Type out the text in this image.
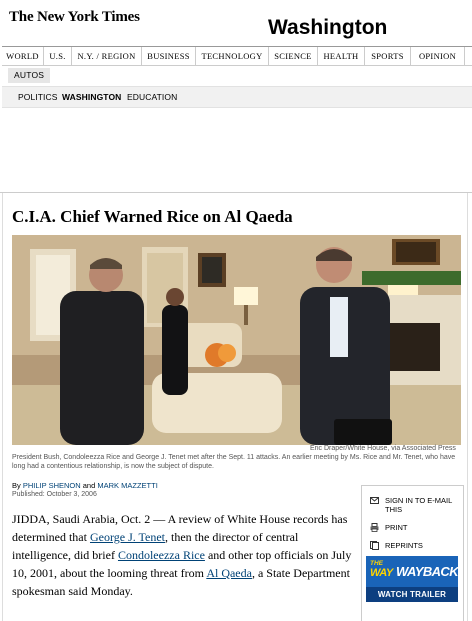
The New York Times	Washington
WORLD	U.S.	N.Y. / REGION	BUSINESS	TECHNOLOGY	SCIENCE	HEALTH	SPORTS	OPINION
AUTOS
POLITICS WASHINGTON EDUCATION
C.I.A. Chief Warned Rice on Al Qaeda
Eric Draper/White House, via Associated Press
President Bush, Condoleezza Rice and George J. Tenet met after the Sept. 11 attacks. An earlier meeting by Ms. Rice and Mr. Tenet, who have long had a contentious relationship, is now the subject of dispute.
By PHILIP SHENON and MARK MAZZETTI
Published: October 3, 2006
JIDDA, Saudi Arabia, Oct. 2 — A review of White House records has determined that George J. Tenet, then the director of central intelligence, did brief Condoleezza Rice and other top officials on July 10, 2001, about the looming threat from Al Qaeda, a State Department spokesman said Monday.
SIGN IN TO E-MAIL THIS
PRINT
REPRINTS
THE
WAY WAYBACK
WATCH TRAILER
